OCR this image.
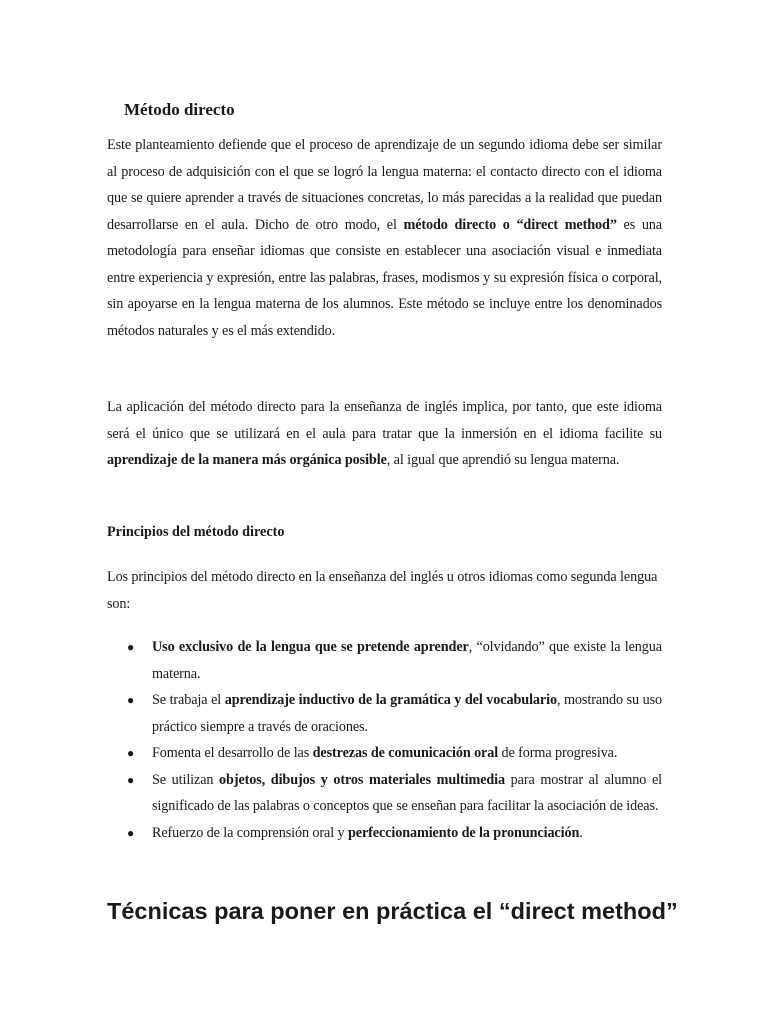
Método directo

Este planteamiento defiende que el proceso de aprendizaje de un segundo idioma debe ser similar al proceso de adquisición con el que se logró la lengua materna: el contacto directo con el idioma que se quiere aprender a través de situaciones concretas, lo más parecidas a la realidad que puedan desarrollarse en el aula. Dicho de otro modo, el método directo o “direct method” es una metodología para enseñar idiomas que consiste en establecer una asociación visual e inmediata entre experiencia y expresión, entre las palabras, frases, modismos y su expresión física o corporal, sin apoyarse en la lengua materna de los alumnos. Este método se incluye entre los denominados métodos naturales y es el más extendido.

La aplicación del método directo para la enseñanza de inglés implica, por tanto, que este idioma será el único que se utilizará en el aula para tratar que la inmersión en el idioma facilite su aprendizaje de la manera más orgánica posible, al igual que aprendió su lengua materna.

Principios del método directo

Los principios del método directo en la enseñanza del inglés u otros idiomas como segunda lengua son:

● Uso exclusivo de la lengua que se pretende aprender, “olvidando” que existe la lengua materna.
● Se trabaja el aprendizaje inductivo de la gramática y del vocabulario, mostrando su uso práctico siempre a través de oraciones.
● Fomenta el desarrollo de las destrezas de comunicación oral de forma progresiva.
● Se utilizan objetos, dibujos y otros materiales multimedia para mostrar al alumno el significado de las palabras o conceptos que se enseñan para facilitar la asociación de ideas.
● Refuerzo de la comprensión oral y perfeccionamiento de la pronunciación.
Técnicas para poner en práctica el “direct method”
